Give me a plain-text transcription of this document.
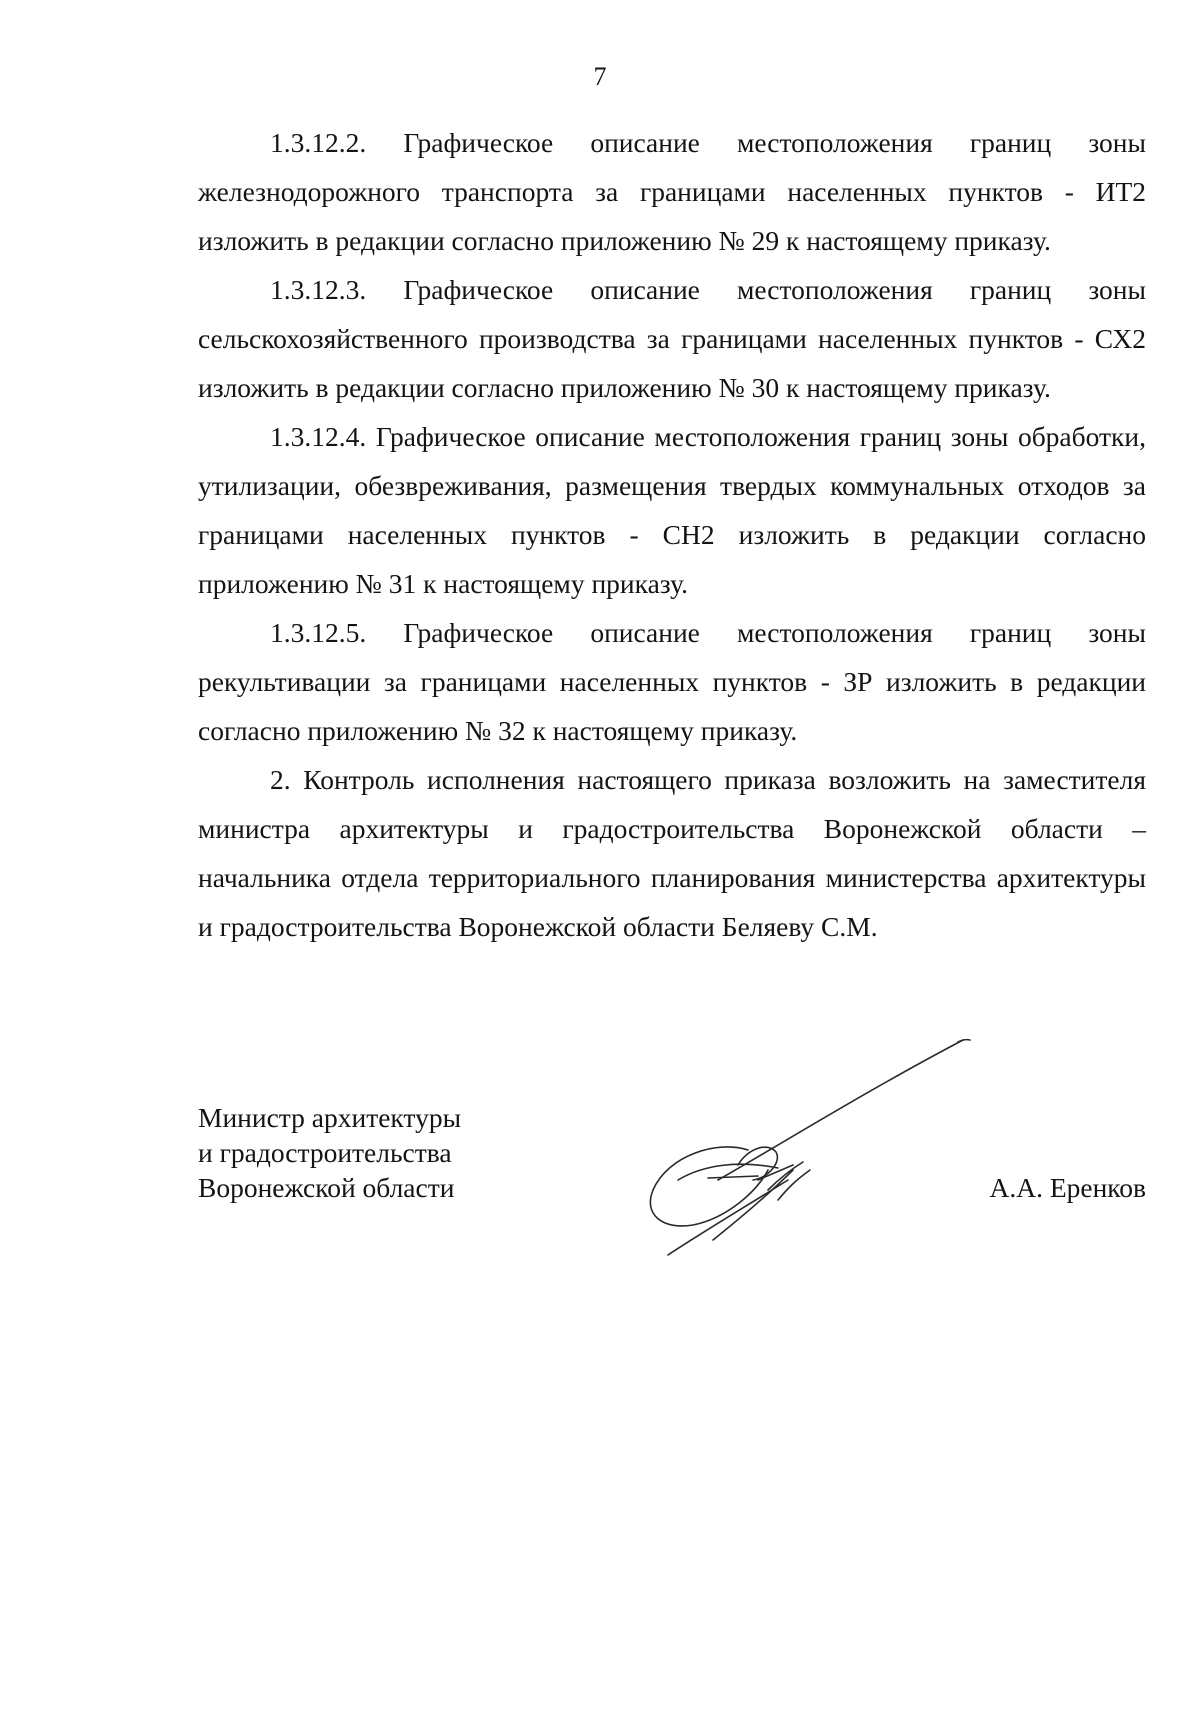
7

1.3.12.2. Графическое описание местоположения границ зоны железнодорожного транспорта за границами населенных пунктов - ИТ2 изложить в редакции согласно приложению № 29 к настоящему приказу.

1.3.12.3. Графическое описание местоположения границ зоны сельскохозяйственного производства за границами населенных пунктов - СХ2 изложить в редакции согласно приложению № 30 к настоящему приказу.

1.3.12.4. Графическое описание местоположения границ зоны обработки, утилизации, обезвреживания, размещения твердых коммунальных отходов за границами населенных пунктов - СН2 изложить в редакции согласно приложению № 31 к настоящему приказу.

1.3.12.5. Графическое описание местоположения границ зоны рекультивации за границами населенных пунктов - ЗР изложить в редакции согласно приложению № 32 к настоящему приказу.

2. Контроль исполнения настоящего приказа возложить на заместителя министра архитектуры и градостроительства Воронежской области – начальника отдела территориального планирования министерства архитектуры и градостроительства Воронежской области Беляеву С.М.

Министр архитектуры
и градостроительства
Воронежской области	А.А. Еренков
